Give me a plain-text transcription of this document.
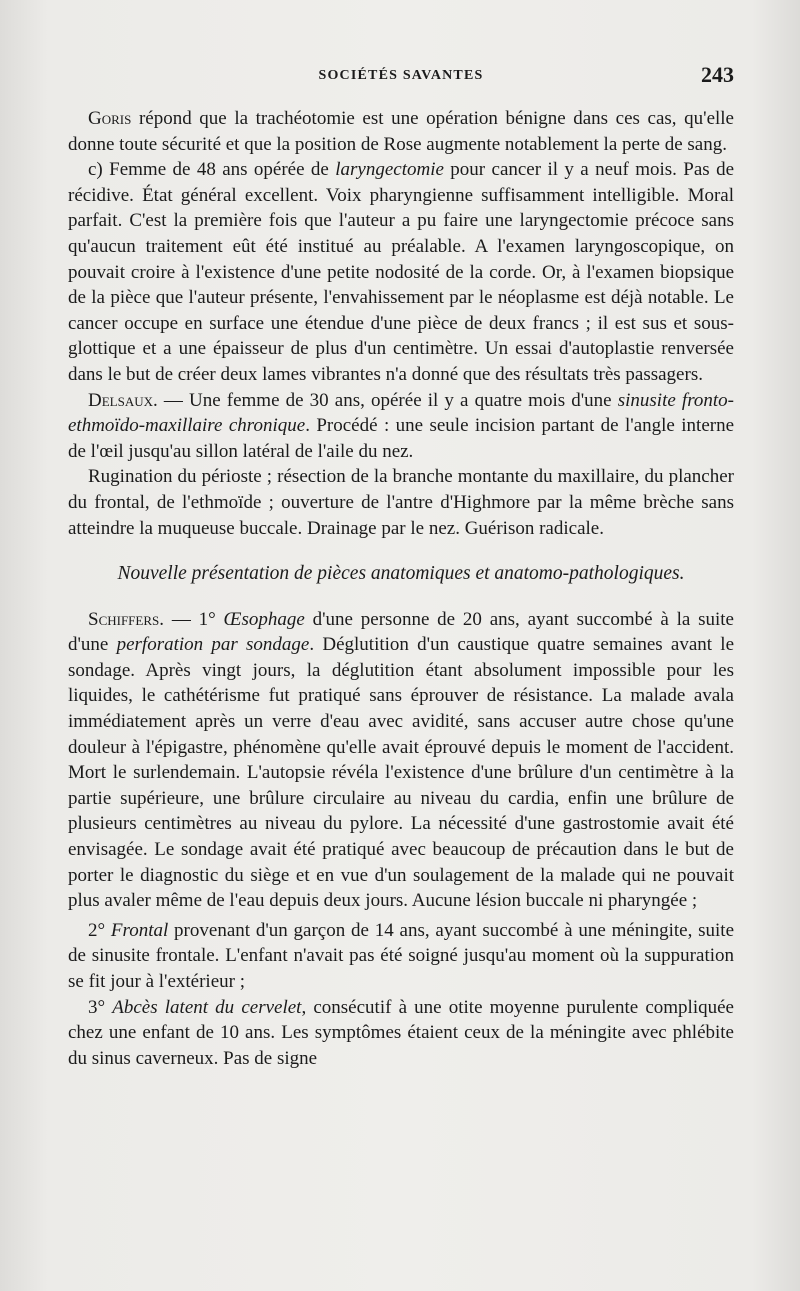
SOCIÉTÉS SAVANTES	243

Goris répond que la trachéotomie est une opération bénigne dans ces cas, qu'elle donne toute sécurité et que la position de Rose augmente notablement la perte de sang.

c) Femme de 48 ans opérée de laryngectomie pour cancer il y a neuf mois. Pas de récidive. État général excellent. Voix pharyngienne suffisamment intelligible. Moral parfait. C'est la première fois que l'auteur a pu faire une laryngectomie précoce sans qu'aucun traitement eût été institué au préalable. A l'examen laryngoscopique, on pouvait croire à l'existence d'une petite nodosité de la corde. Or, à l'examen biopsique de la pièce que l'auteur présente, l'envahissement par le néoplasme est déjà notable. Le cancer occupe en surface une étendue d'une pièce de deux francs ; il est sus et sous-glottique et a une épaisseur de plus d'un centimètre. Un essai d'autoplastie renversée dans le but de créer deux lames vibrantes n'a donné que des résultats très passagers.

Delsaux. — Une femme de 30 ans, opérée il y a quatre mois d'une sinusite fronto-ethmoïdo-maxillaire chronique. Procédé : une seule incision partant de l'angle interne de l'œil jusqu'au sillon latéral de l'aile du nez.

Rugination du périoste ; résection de la branche montante du maxillaire, du plancher du frontal, de l'ethmoïde ; ouverture de l'antre d'Highmore par la même brèche sans atteindre la muqueuse buccale. Drainage par le nez. Guérison radicale.

Nouvelle présentation de pièces anatomiques et anatomo-pathologiques.

Schiffers. — 1° Œsophage d'une personne de 20 ans, ayant succombé à la suite d'une perforation par sondage. Déglutition d'un caustique quatre semaines avant le sondage. Après vingt jours, la déglutition étant absolument impossible pour les liquides, le cathétérisme fut pratiqué sans éprouver de résistance. La malade avala immédiatement après un verre d'eau avec avidité, sans accuser autre chose qu'une douleur à l'épigastre, phénomène qu'elle avait éprouvé depuis le moment de l'accident. Mort le surlendemain. L'autopsie révéla l'existence d'une brûlure d'un centimètre à la partie supérieure, une brûlure circulaire au niveau du cardia, enfin une brûlure de plusieurs centimètres au niveau du pylore. La nécessité d'une gastrostomie avait été envisagée. Le sondage avait été pratiqué avec beaucoup de précaution dans le but de porter le diagnostic du siège et en vue d'un soulagement de la malade qui ne pouvait plus avaler même de l'eau depuis deux jours. Aucune lésion buccale ni pharyngée ;

2° Frontal provenant d'un garçon de 14 ans, ayant succombé à une méningite, suite de sinusite frontale. L'enfant n'avait pas été soigné jusqu'au moment où la suppuration se fit jour à l'extérieur ;

3° Abcès latent du cervelet, consécutif à une otite moyenne purulente compliquée chez une enfant de 10 ans. Les symptômes étaient ceux de la méningite avec phlébite du sinus caverneux. Pas de signe
